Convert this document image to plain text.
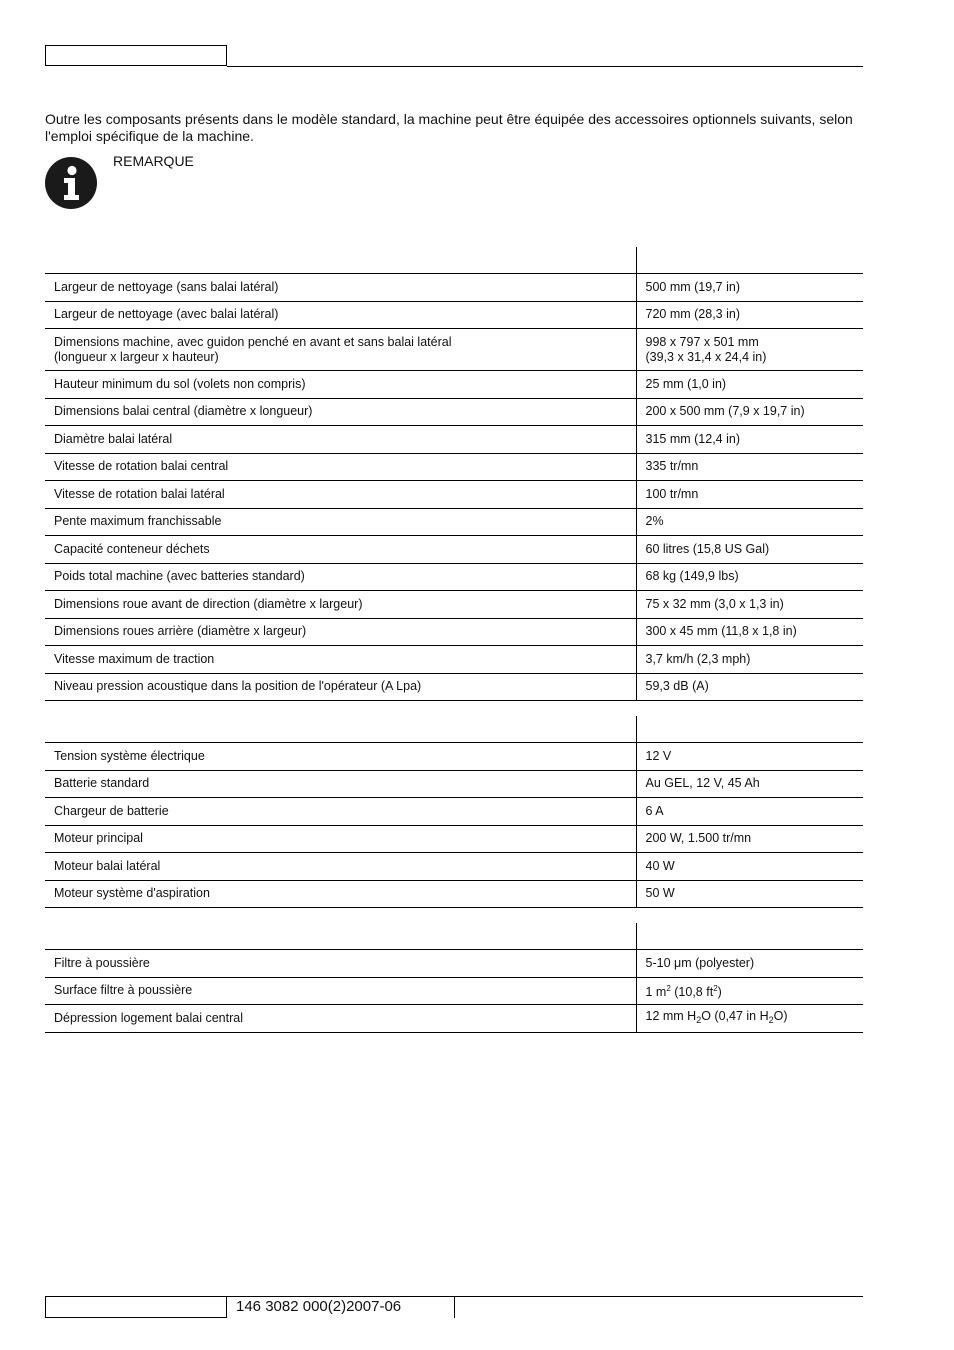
Outre les composants présents dans le modèle standard, la machine peut être équipée des accessoires optionnels suivants, selon l'emploi spécifique de la machine.

REMARQUE

Largeur de nettoyage (sans balai latéral)	500 mm (19,7 in)
Largeur de nettoyage (avec balai latéral)	720 mm (28,3 in)
Dimensions machine, avec guidon penché en avant et sans balai latéral
(longueur x largeur x hauteur)	998 x 797 x 501 mm
(39,3 x 31,4 x 24,4 in)
Hauteur minimum du sol (volets non compris)	25 mm (1,0 in)
Dimensions balai central (diamètre x longueur)	200 x 500 mm (7,9 x 19,7 in)
Diamètre balai latéral	315 mm (12,4 in)
Vitesse de rotation balai central	335 tr/mn
Vitesse de rotation balai latéral	100 tr/mn
Pente maximum franchissable	2%
Capacité conteneur déchets	60 litres (15,8 US Gal)
Poids total machine (avec batteries standard)	68 kg (149,9 lbs)
Dimensions roue avant de direction (diamètre x largeur)	75 x 32 mm (3,0 x 1,3 in)
Dimensions roues arrière (diamètre x largeur)	300 x 45 mm (11,8 x 1,8 in)
Vitesse maximum de traction	3,7 km/h (2,3 mph)
Niveau pression acoustique dans la position de l'opérateur (A Lpa)	59,3 dB (A)

Tension système électrique	12 V
Batterie standard	Au GEL, 12 V, 45 Ah
Chargeur de batterie	6 A
Moteur principal	200 W, 1.500 tr/mn
Moteur balai latéral	40 W
Moteur système d'aspiration	50 W

Filtre à poussière	5-10 μm (polyester)
Surface filtre à poussière	1 $m^2$ (10,8 $ft^2$)
Dépression logement balai central	12 mm $H_2O$ (0,47 in $H_2O$)
146 3082 000(2)2007-06
